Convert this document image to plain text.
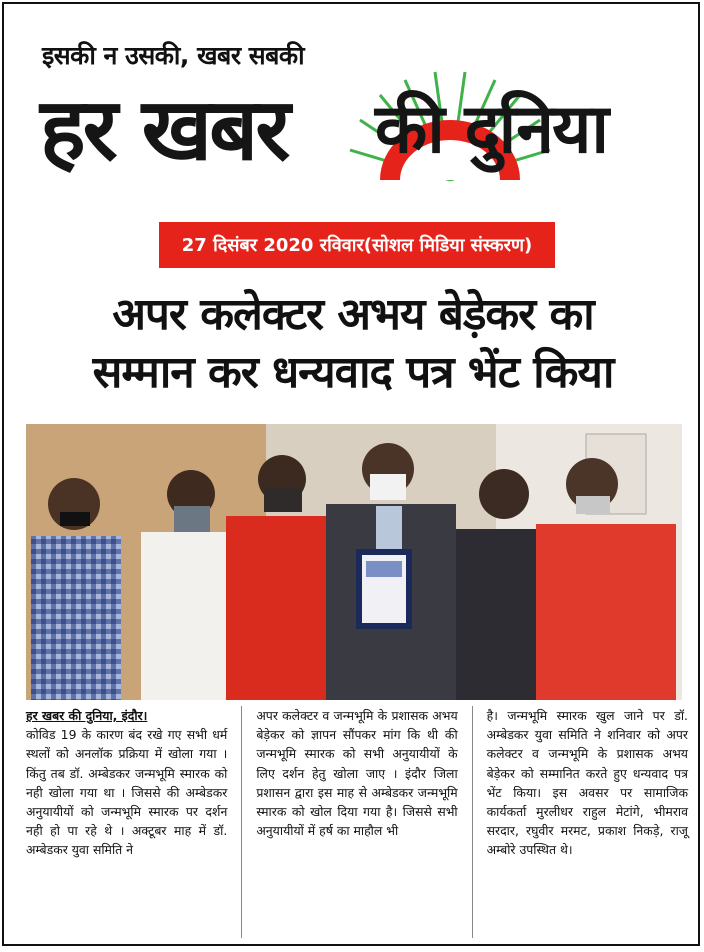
इसकी न उसकी, खबर सबकी
हर खबर की दुनिया
27 दिसंबर 2020 रविवार(सोशल मिडिया संस्करण)
अपर कलेक्टर अभय बेड़ेकर का
सम्मान कर धन्यवाद पत्र भेंट किया
हर खबर की दुनिया, इंदौर।

कोविड 19 के कारण बंद रखे गए सभी धर्म स्थलों को अनलॉक प्रक्रिया में खोला गया । किंतु तब डॉ. अम्बेडकर जन्मभूमि स्मारक को नही खोला गया था । जिससे की अम्बेडकर अनुयायीयों को जन्मभूमि स्मारक पर दर्शन नही हो पा रहे थे । अक्टूबर माह में डॉ. अम्बेडकर युवा समिति ने

अपर कलेक्टर व जन्मभूमि के प्रशासक अभय बेड़ेकर को ज्ञापन सौंपकर मांग कि थी की जन्मभूमि स्मारक को सभी अनुयायीयों के लिए दर्शन हेतु खोला जाए । इंदौर जिला प्रशासन द्वारा इस माह से अम्बेडकर जन्मभूमि स्मारक को खोल दिया गया है। जिससे सभी अनुयायीयों में हर्ष का माहौल भी

है। जन्मभूमि स्मारक खुल जाने पर डॉ. अम्बेडकर युवा समिति ने शनिवार को अपर कलेक्टर व जन्मभूमि के प्रशासक अभय बेड़ेकर को सम्मानित करते हुए धन्यवाद पत्र भेंट किया। इस अवसर पर सामाजिक कार्यकर्ता मुरलीधर राहुल मेटांगे, भीमराव सरदार, रघुवीर मरमट, प्रकाश निकड़े, राजू अम्बोरे उपस्थित थे।
